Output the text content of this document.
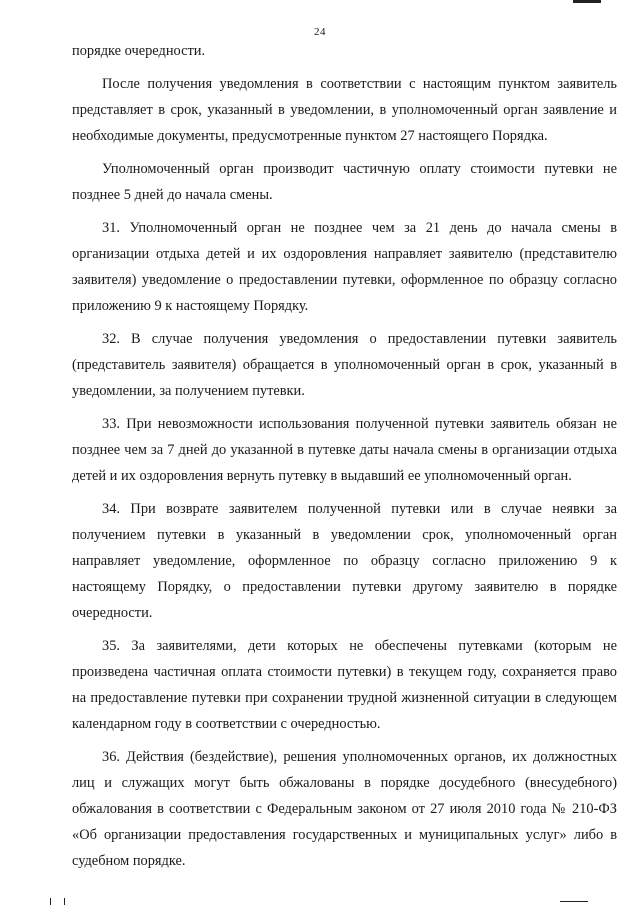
24

порядке очередности.

После получения уведомления в соответствии с настоящим пунктом заявитель представляет в срок, указанный в уведомлении, в уполномоченный орган заявление и необходимые документы, предусмотренные пунктом 27 настоящего Порядка.

Уполномоченный орган производит частичную оплату стоимости путевки не позднее 5 дней до начала смены.

31. Уполномоченный орган не позднее чем за 21 день до начала смены в организации отдыха детей и их оздоровления направляет заявителю (представителю заявителя) уведомление о предоставлении путевки, оформленное по образцу согласно приложению 9 к настоящему Порядку.

32. В случае получения уведомления о предоставлении путевки заявитель (представитель заявителя) обращается в уполномоченный орган в срок, указанный в уведомлении, за получением путевки.

33. При невозможности использования полученной путевки заявитель обязан не позднее чем за 7 дней до указанной в путевке даты начала смены в организации отдыха детей и их оздоровления вернуть путевку в выдавший ее уполномоченный орган.

34. При возврате заявителем полученной путевки или в случае неявки за получением путевки в указанный в уведомлении срок, уполномоченный орган направляет уведомление, оформленное по образцу согласно приложению 9 к настоящему Порядку, о предоставлении путевки другому заявителю в порядке очередности.

35. За заявителями, дети которых не обеспечены путевками (которым не произведена частичная оплата стоимости путевки) в текущем году, сохраняется право на предоставление путевки при сохранении трудной жизненной ситуации в следующем календарном году в соответствии с очередностью.

36. Действия (бездействие), решения уполномоченных органов, их должностных лиц и служащих могут быть обжалованы в порядке досудебного (внесудебного) обжалования в соответствии с Федеральным законом от 27 июля 2010 года № 210-ФЗ «Об организации предоставления государственных и муниципальных услуг» либо в судебном порядке.
